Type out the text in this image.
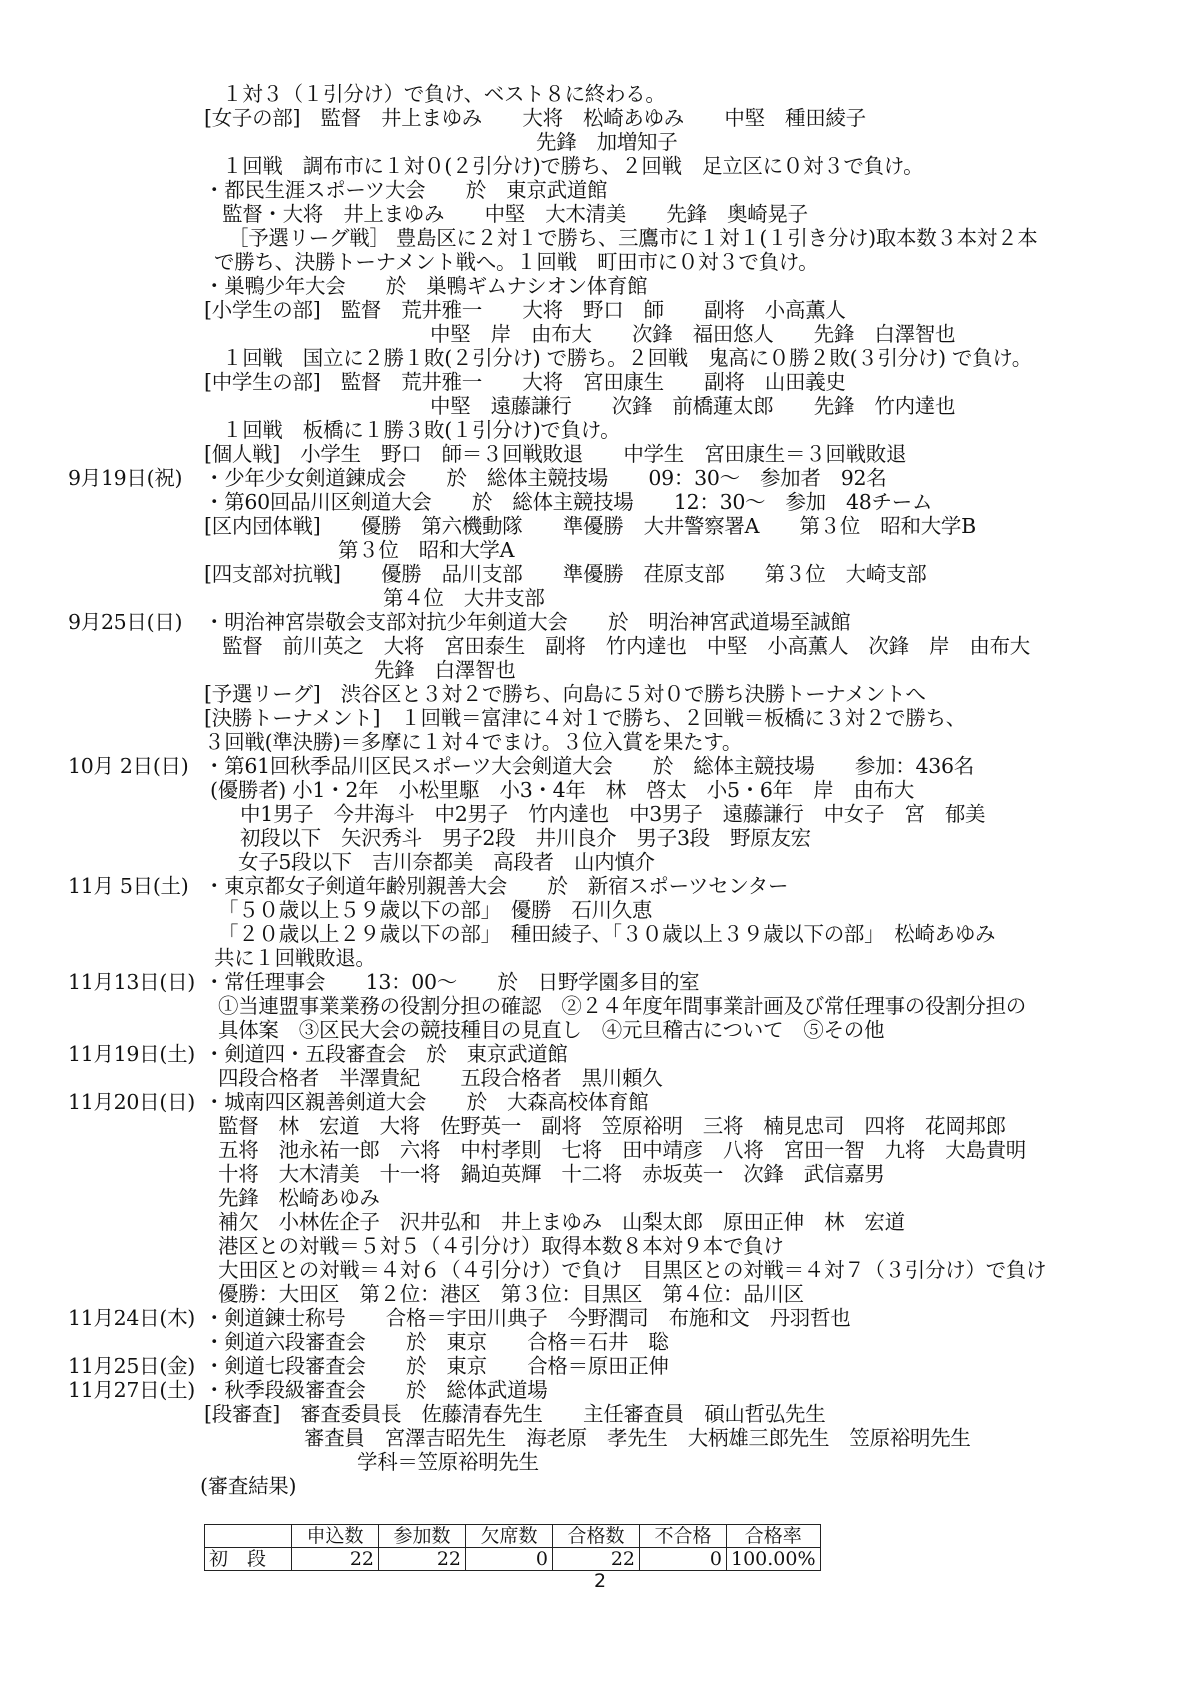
１対３（１引分け）で負け、ベスト８に終わる。
[女子の部]　監督　井上まゆみ　　大将　松崎あゆみ　　中堅　種田綾子
先鋒　加増知子
１回戦　調布市に１対０(２引分け)で勝ち、２回戦　足立区に０対３で負け。
・都民生涯スポーツ大会　　於　東京武道館
監督・大将　井上まゆみ　　中堅　大木清美　　先鋒　奥崎晃子
［予選リーグ戦］ 豊島区に２対１で勝ち、三鷹市に１対１(１引き分け)取本数３本対２本
で勝ち、決勝トーナメント戦へ。１回戦　町田市に０対３で負け。
・巣鴨少年大会　　於　巣鴨ギムナシオン体育館
[小学生の部]　監督　荒井雅一　　大将　野口　師　　副将　小高薫人
中堅　岸　由布大　　次鋒　福田悠人　　先鋒　白澤智也
１回戦　国立に２勝１敗(２引分け) で勝ち。２回戦　鬼高に０勝２敗(３引分け) で負け。
[中学生の部]　監督　荒井雅一　　大将　宮田康生　　副将　山田義史
中堅　遠藤謙行　　次鋒　前橋蓮太郎　　先鋒　竹内達也
１回戦　板橋に１勝３敗(１引分け)で負け。
[個人戦]　小学生　野口　師＝３回戦敗退　　中学生　宮田康生＝３回戦敗退
9月19日(祝) ・少年少女剣道錬成会　　於　総体主競技場　　09：30～　参加者　92名
・第60回品川区剣道大会　　於　総体主競技場　　12：30～　参加　48チーム
[区内団体戦]　　優勝　第六機動隊　　準優勝　大井警察署A　　第３位　昭和大学B
第３位　昭和大学A
[四支部対抗戦]　　優勝　品川支部　　準優勝　荏原支部　　第３位　大崎支部
第４位　大井支部
9月25日(日) ・明治神宮崇敬会支部対抗少年剣道大会　　於　明治神宮武道場至誠館
監督　前川英之　大将　宮田泰生　副将　竹内達也　中堅　小高薫人　次鋒　岸　由布大
先鋒　白澤智也
[予選リーグ]　渋谷区と３対２で勝ち、向島に５対０で勝ち決勝トーナメントへ
[決勝トーナメント]　１回戦＝富津に４対１で勝ち、２回戦＝板橋に３対２で勝ち、
３回戦(準決勝)＝多摩に１対４でまけ。３位入賞を果たす。
10月 2日(日) ・第61回秋季品川区民スポーツ大会剣道大会　　於　総体主競技場　　参加：436名
(優勝者) 小1・2年　小松里駆　小3・4年　林　啓太　小5・6年　岸　由布大
中1男子　今井海斗　中2男子　竹内達也　中3男子　遠藤謙行　中女子　宮　郁美
初段以下　矢沢秀斗　男子2段　井川良介　男子3段　野原友宏
女子5段以下　吉川奈都美　高段者　山内慎介
11月 5日(土) ・東京都女子剣道年齢別親善大会　　於　新宿スポーツセンター
「５０歳以上５９歳以下の部」　優勝　石川久恵
「２０歳以上２９歳以下の部」　種田綾子、「３０歳以上３９歳以下の部」　松崎あゆみ
共に１回戦敗退。
11月13日(日) ・常任理事会　　13：00～　　於　日野学園多目的室
①当連盟事業業務の役割分担の確認　②２４年度年間事業計画及び常任理事の役割分担の
具体案　③区民大会の競技種目の見直し　④元旦稽古について　⑤その他
11月19日(土) ・剣道四・五段審査会　於　東京武道館
四段合格者　半澤貴紀　　五段合格者　黒川頼久
11月20日(日) ・城南四区親善剣道大会　　於　大森高校体育館
監督　林　宏道　大将　佐野英一　副将　笠原裕明　三将　楠見忠司　四将　花岡邦郎
五将　池永祐一郎　六将　中村孝則　七将　田中靖彦　八将　宮田一智　九将　大島貴明
十将　大木清美　十一将　鍋迫英輝　十二将　赤坂英一　次鋒　武信嘉男
先鋒　松崎あゆみ
補欠　小林佐企子　沢井弘和　井上まゆみ　山梨太郎　原田正伸　林　宏道
港区との対戦＝５対５（４引分け）取得本数８本対９本で負け
大田区との対戦＝４対６（４引分け）で負け　目黒区との対戦＝４対７（３引分け）で負け
優勝：大田区　第２位：港区　第３位：目黒区　第４位：品川区
11月24日(木) ・剣道錬士称号　　合格＝宇田川典子　今野潤司　布施和文　丹羽哲也
・剣道六段審査会　　於　東京　　合格＝石井　聡
11月25日(金) ・剣道七段審査会　　於　東京　　合格＝原田正伸
11月27日(土) ・秋季段級審査会　　於　総体武道場
[段審査]　審査委員長　佐藤清春先生　　主任審査員　碩山哲弘先生
審査員　宮澤吉昭先生　海老原　孝先生　大柄雄三郎先生　笠原裕明先生
学科＝笠原裕明先生
(審査結果)
	申込数	参加数	欠席数	合格数	不合格	合格率
初　段	22	22	0	22	0	100.00%
2
